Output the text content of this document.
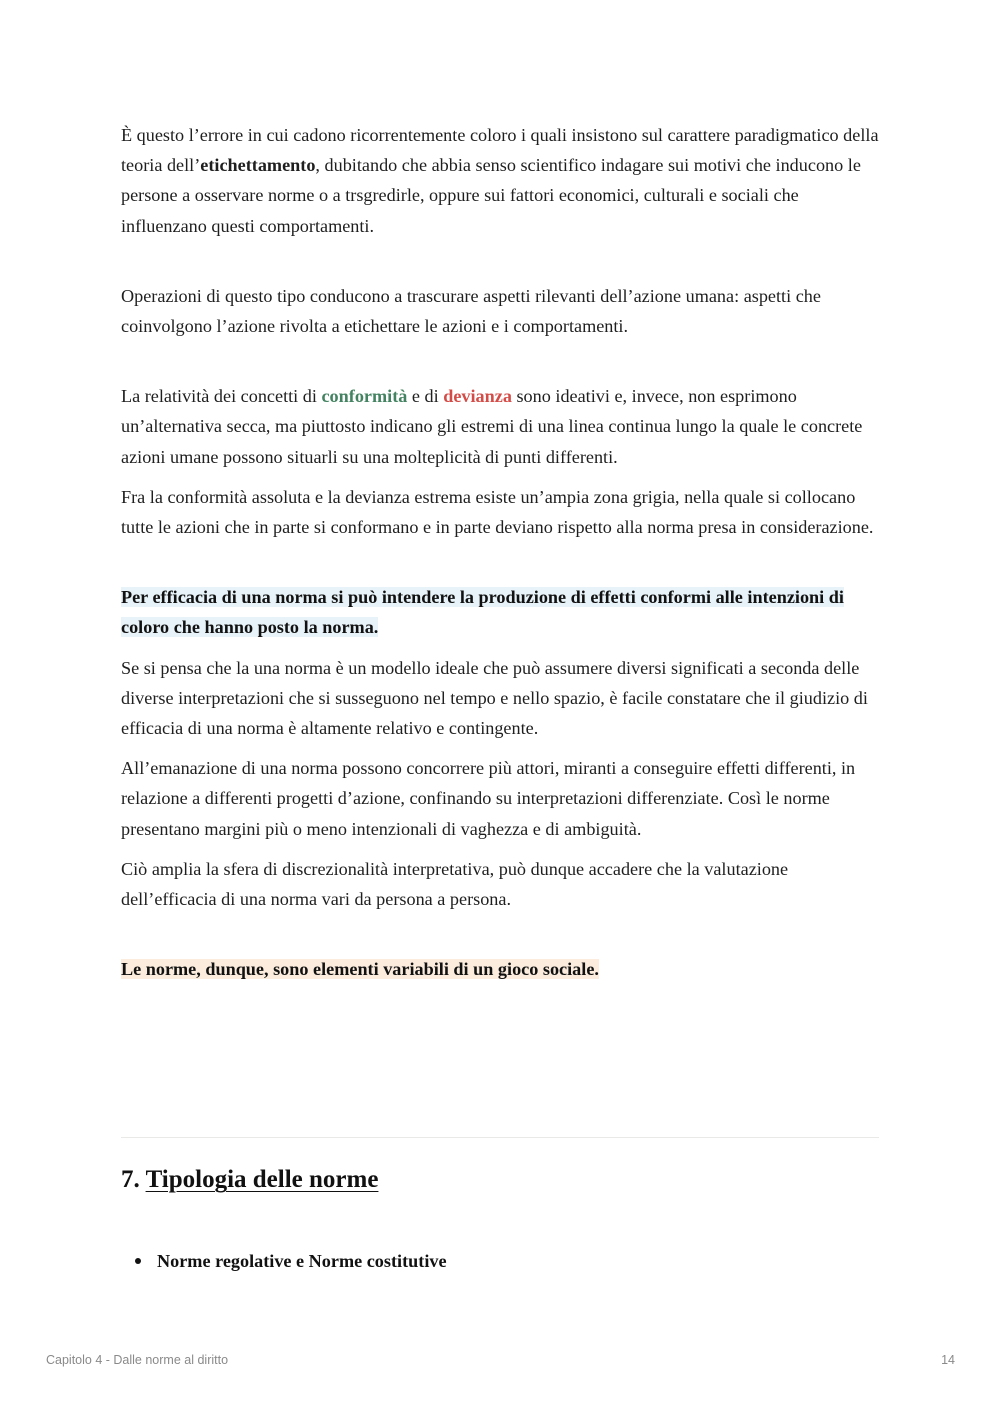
È questo l’errore in cui cadono ricorrentemente coloro i quali insistono sul carattere paradigmatico della teoria dell’etichettamento, dubitando che abbia senso scientifico indagare sui motivi che inducono le persone a osservare norme o a trsgredirle, oppure sui fattori economici, culturali e sociali che influenzano questi comportamenti.

Operazioni di questo tipo conducono a trascurare aspetti rilevanti dell’azione umana: aspetti che coinvolgono l’azione rivolta a etichettare le azioni e i comportamenti.

La relatività dei concetti di conformità e di devianza sono ideativi e, invece, non esprimono un’alternativa secca, ma piuttosto indicano gli estremi di una linea continua lungo la quale le concrete azioni umane possono situarli su una molteplicità di punti differenti.

Fra la conformità assoluta e la devianza estrema esiste un’ampia zona grigia, nella quale si collocano tutte le azioni che in parte si conformano e in parte deviano rispetto alla norma presa in considerazione.

Per efficacia di una norma si può intendere la produzione di effetti conformi alle intenzioni di coloro che hanno posto la norma.

Se si pensa che la una norma è un modello ideale che può assumere diversi significati a seconda delle diverse interpretazioni che si susseguono nel tempo e nello spazio, è facile constatare che il giudizio di efficacia di una norma è altamente relativo e contingente.

All’emanazione di una norma possono concorrere più attori, miranti a conseguire effetti differenti, in relazione a differenti progetti d’azione, confinando su interpretazioni differenziate. Così le norme presentano margini più o meno intenzionali di vaghezza e di ambiguità.

Ciò amplia la sfera di discrezionalità interpretativa, può dunque accadere che la valutazione dell’efficacia di una norma vari da persona a persona.

Le norme, dunque, sono elementi variabili di un gioco sociale.

7. Tipologia delle norme
Norme regolative e Norme costitutive
Capitolo 4 - Dalle norme al diritto	14
